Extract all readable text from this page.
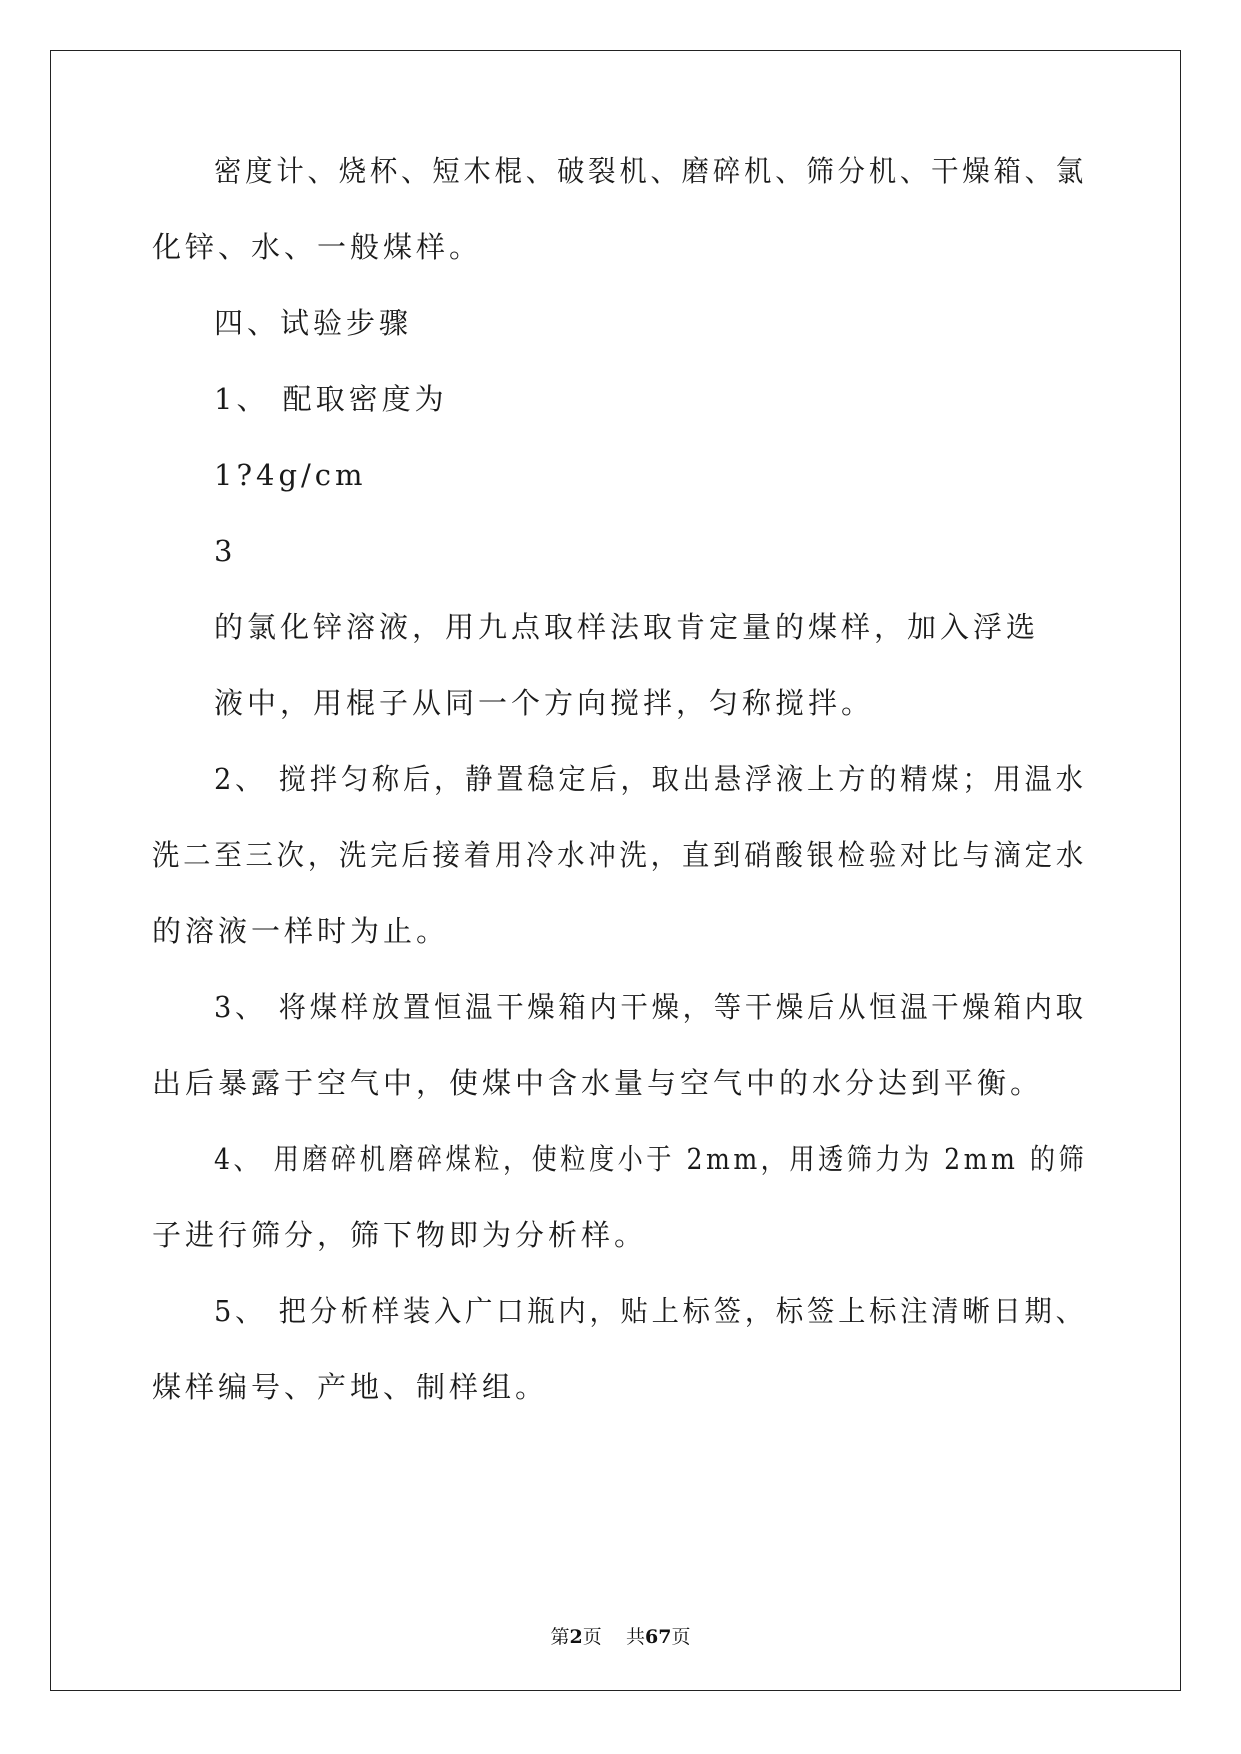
密度计、烧杯、短木棍、破裂机、磨碎机、筛分机、干燥箱、氯
化锌、水、一般煤样。
四、试验步骤
1、 配取密度为
1?4g/cm
3
的氯化锌溶液，用九点取样法取肯定量的煤样，加入浮选
液中，用棍子从同一个方向搅拌，匀称搅拌。
2、 搅拌匀称后，静置稳定后，取出悬浮液上方的精煤；用温水
洗二至三次，洗完后接着用冷水冲洗，直到硝酸银检验对比与滴定水
的溶液一样时为止。
3、 将煤样放置恒温干燥箱内干燥，等干燥后从恒温干燥箱内取
出后暴露于空气中，使煤中含水量与空气中的水分达到平衡。
4、 用磨碎机磨碎煤粒，使粒度小于 2mm，用透筛力为 2mm 的筛
子进行筛分，筛下物即为分析样。
5、 把分析样装入广口瓶内，贴上标签，标签上标注清晰日期、
煤样编号、产地、制样组。
第2页 共67页
